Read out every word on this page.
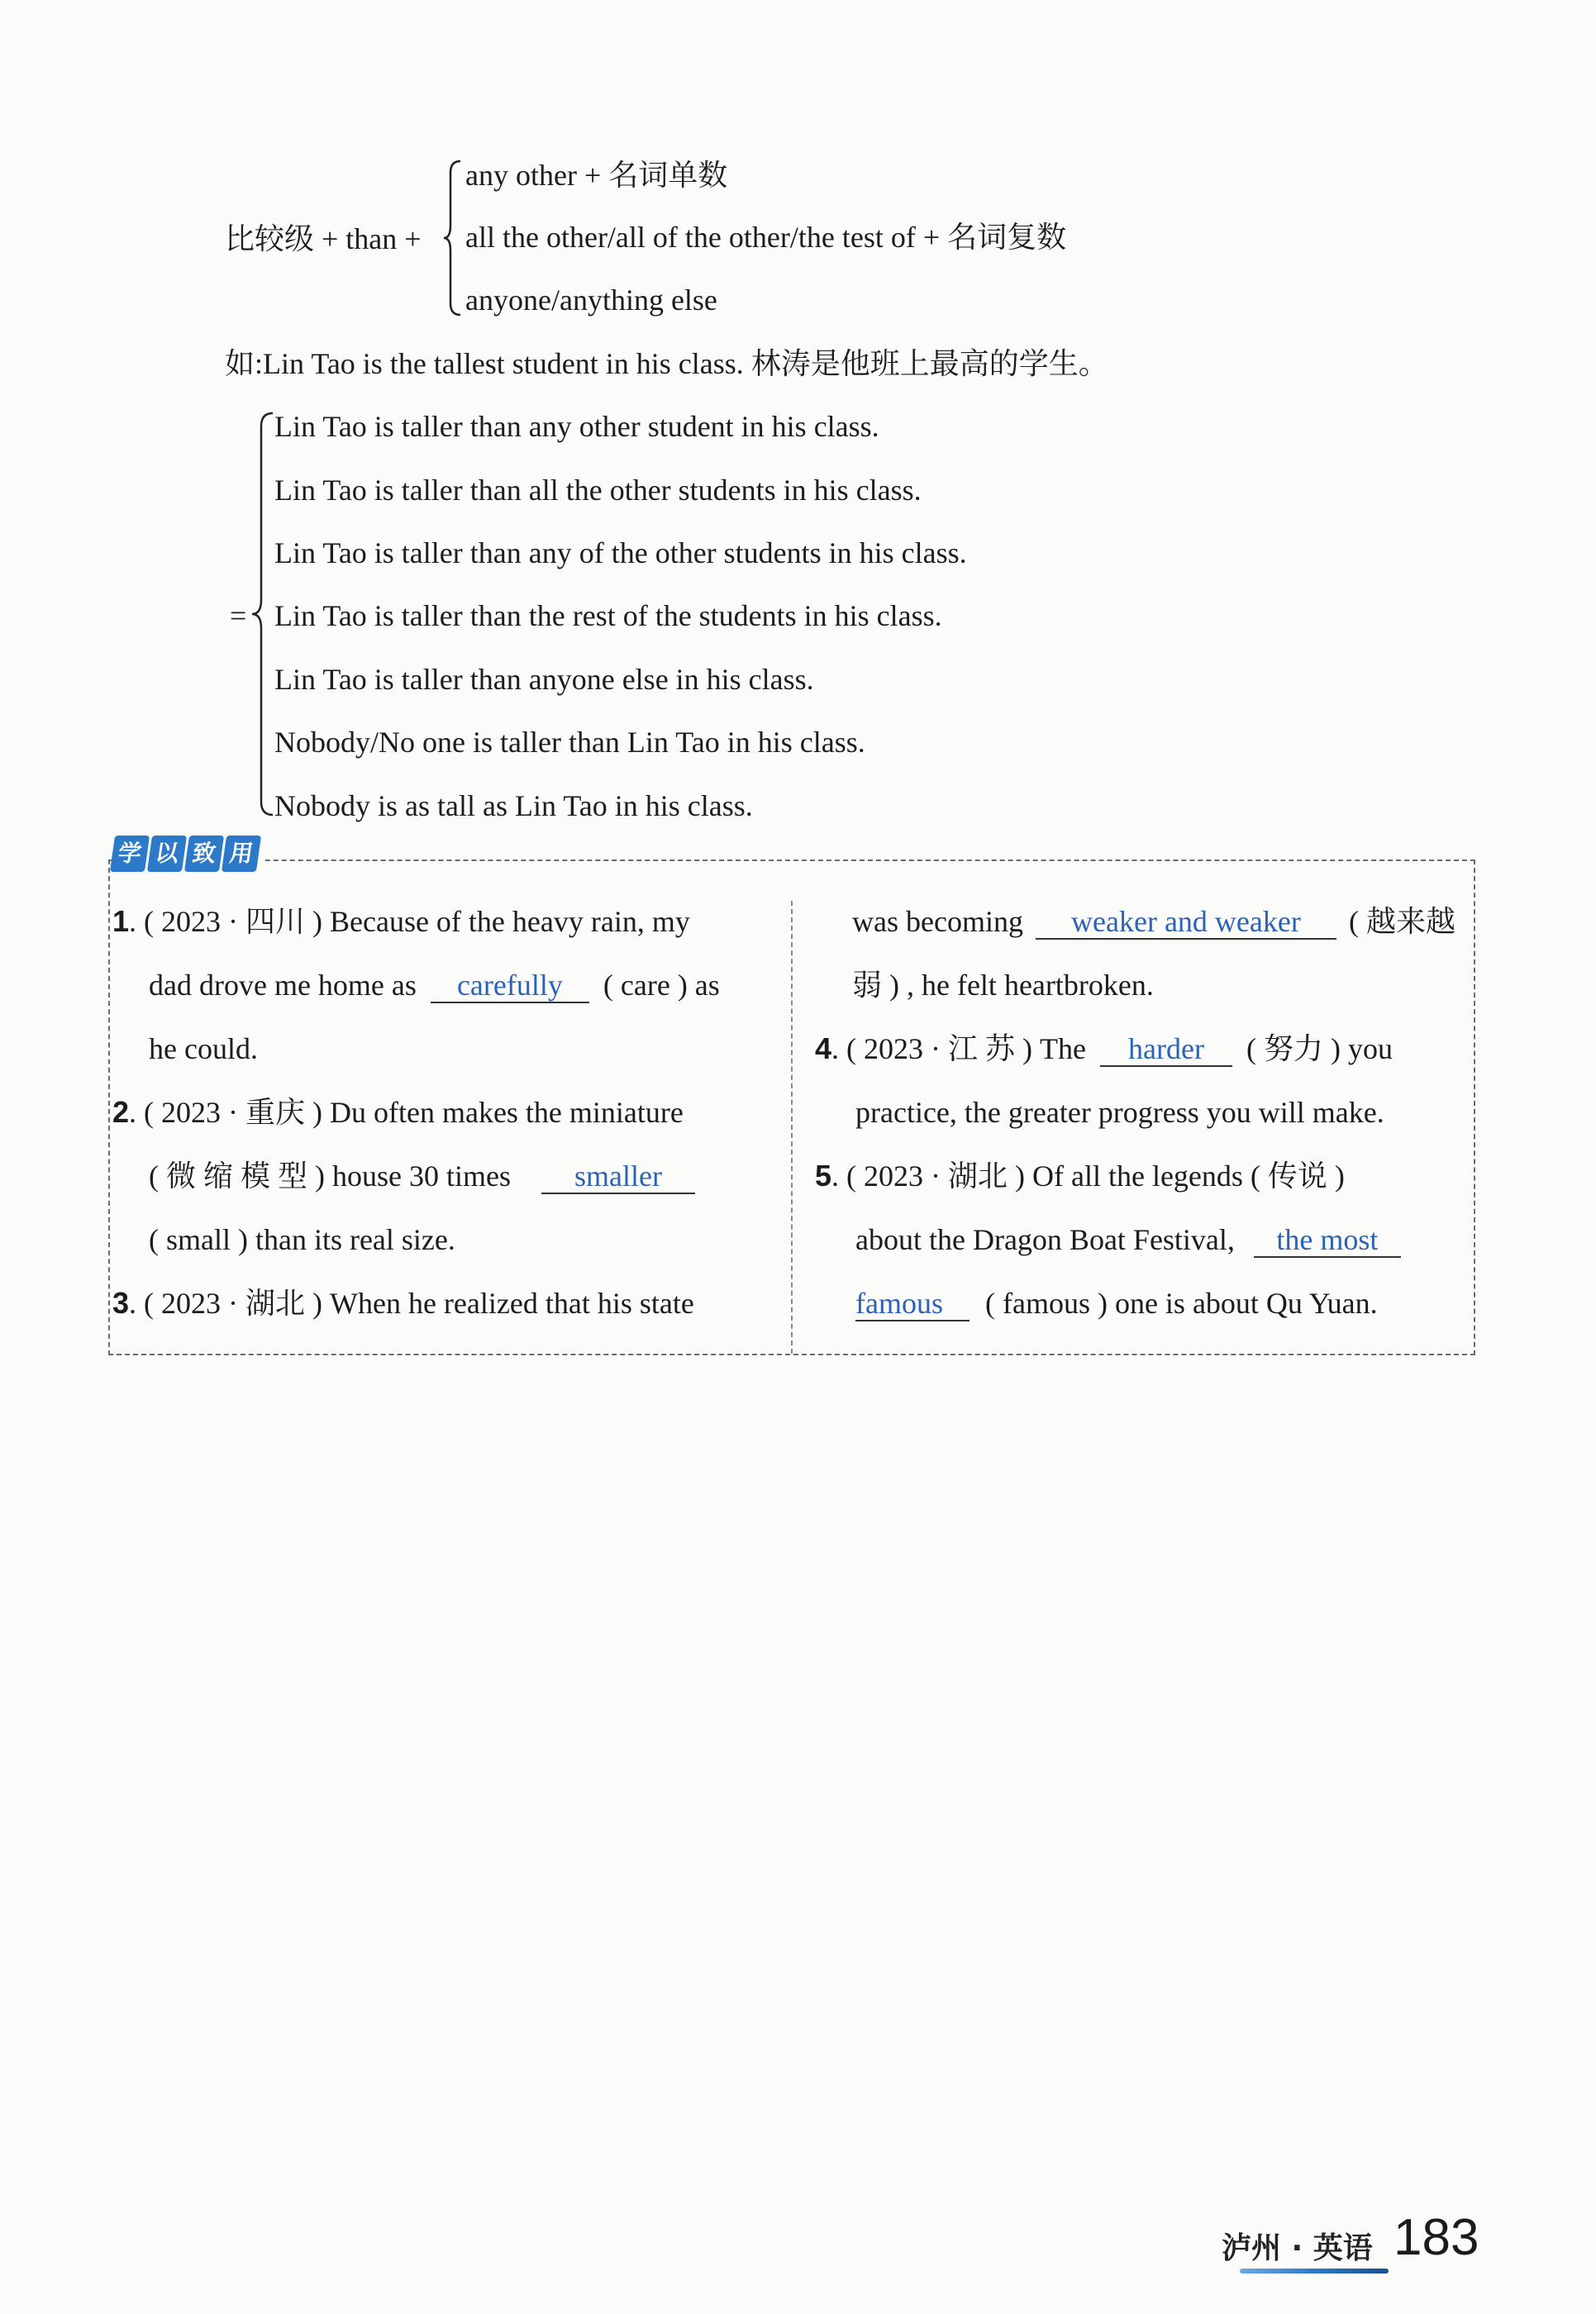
比较级 + than +
any other + 名词单数
all the other/all of the other/the test of + 名词复数
anyone/anything else
如:Lin Tao is the tallest student in his class. 林涛是他班上最高的学生。
=
Lin Tao is taller than any other student in his class.
Lin Tao is taller than all the other students in his class.
Lin Tao is taller than any of the other students in his class.
Lin Tao is taller than the rest of the students in his class.
Lin Tao is taller than anyone else in his class.
Nobody/No one is taller than Lin Tao in his class.
Nobody is as tall as Lin Tao in his class.
学 以 致 用
1. ( 2023 · 四川 ) Because of the heavy rain, my
dad drove me home as carefully ( care ) as
he could.
2. ( 2023 · 重庆 ) Du often makes the miniature
( 微 缩 模 型 ) house 30 times smaller
( small ) than its real size.
3. ( 2023 · 湖北 ) When he realized that his state
was becoming weaker and weaker ( 越来越
弱 ) , he felt heartbroken.
4. ( 2023 · 江 苏 ) The harder ( 努力 ) you
practice, the greater progress you will make.
5. ( 2023 · 湖北 ) Of all the legends ( 传说 )
about the Dragon Boat Festival, the most
famous ( famous ) one is about Qu Yuan.
泸州 · 英语 183
